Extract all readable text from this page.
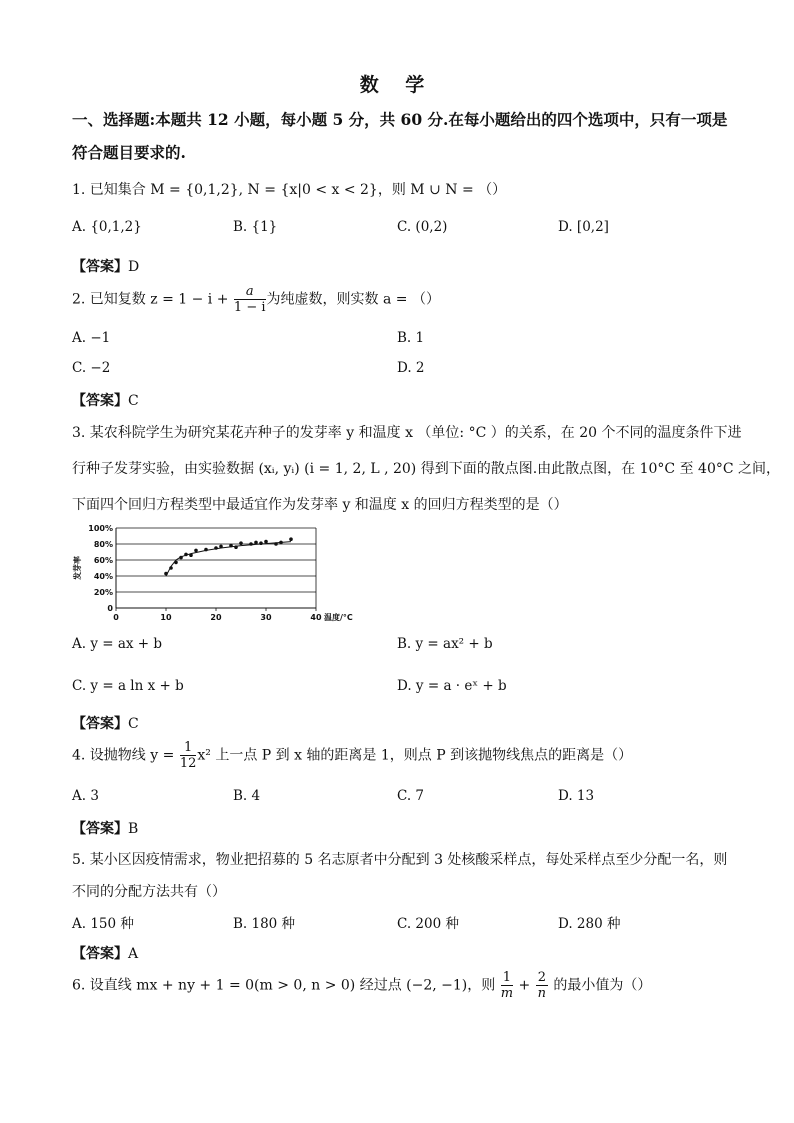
数 学
一、选择题:本题共 12 小题，每小题 5 分，共 60 分.在每小题给出的四个选项中，只有一项是
符合题目要求的.
1. 已知集合 M = {0,1,2}, N = {x|0 < x < 2}，则 M ∪ N = （）
A. {0,1,2}	B. {1}	C. (0,2)	D. [0,2]
【答案】D
2. 已知复数 $z = 1 - i + \frac{a}{1 - i}$ 为纯虚数，则实数 a = （）
A. −1	B. 1
C. −2	D. 2
【答案】C
3. 某农科院学生为研究某花卉种子的发芽率 y 和温度 x （单位: °C ）的关系，在 20 个不同的温度条件下进
行种子发芽实验，由实验数据 (xᵢ, yᵢ) (i = 1, 2, L , 20) 得到下面的散点图.由此散点图，在 10°C 至 40°C 之间，
下面四个回归方程类型中最适宜作为发芽率 y 和温度 x 的回归方程类型的是（）
0
20%
40%
60%
80%
100%
0	10	20	30	40
发芽率
温度/°C
A. y = ax + b	B. y = ax² + b
C. y = a ln x + b	D. y = a · eˣ + b
【答案】C
4. 设抛物线 $y = \frac{1}{12} x^2$ 上一点 P 到 x 轴的距离是 1，则点 P 到该抛物线焦点的距离是（）
A. 3	B. 4	C. 7	D. 13
【答案】B
5. 某小区因疫情需求，物业把招募的 5 名志原者中分配到 3 处核酸采样点，每处采样点至少分配一名，则
不同的分配方法共有（）
A. 150 种	B. 180 种	C. 200 种	D. 280 种
【答案】A
6. 设直线 mx + ny + 1 = 0(m > 0, n > 0) 经过点 (−2, −1)，则 $\frac{1}{m} + \frac{2}{n}$ 的最小值为（）
